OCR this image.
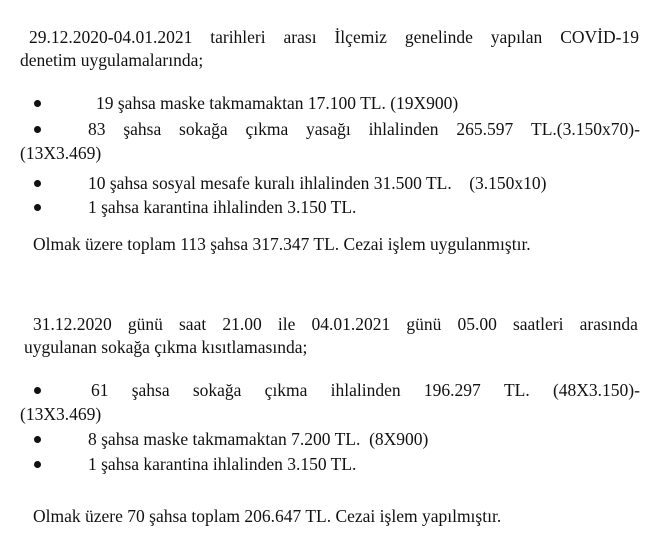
29.12.2020-04.01.2021 tarihleri arası İlçemiz genelinde yapılan COVİD-19
denetim uygulamalarında;
19 şahsa maske takmamaktan 17.100 TL. (19X900)
83 şahsa sokağa çıkma yasağı ihlalinden 265.597 TL.(3.150x70)-
(13X3.469)
10 şahsa sosyal mesafe kuralı ihlalinden 31.500 TL.    (3.150x10)
1 şahsa karantina ihlalinden 3.150 TL.
Olmak üzere toplam 113 şahsa 317.347 TL. Cezai işlem uygulanmıştır.
31.12.2020 günü saat 21.00 ile 04.01.2021 günü 05.00 saatleri arasında
uygulanan sokağa çıkma kısıtlamasında;
61 şahsa sokağa çıkma ihlalinden 196.297 TL. (48X3.150)-
(13X3.469)
8 şahsa maske takmamaktan 7.200 TL.  (8X900)
1 şahsa karantina ihlalinden 3.150 TL.
Olmak üzere 70 şahsa toplam 206.647 TL. Cezai işlem yapılmıştır.
